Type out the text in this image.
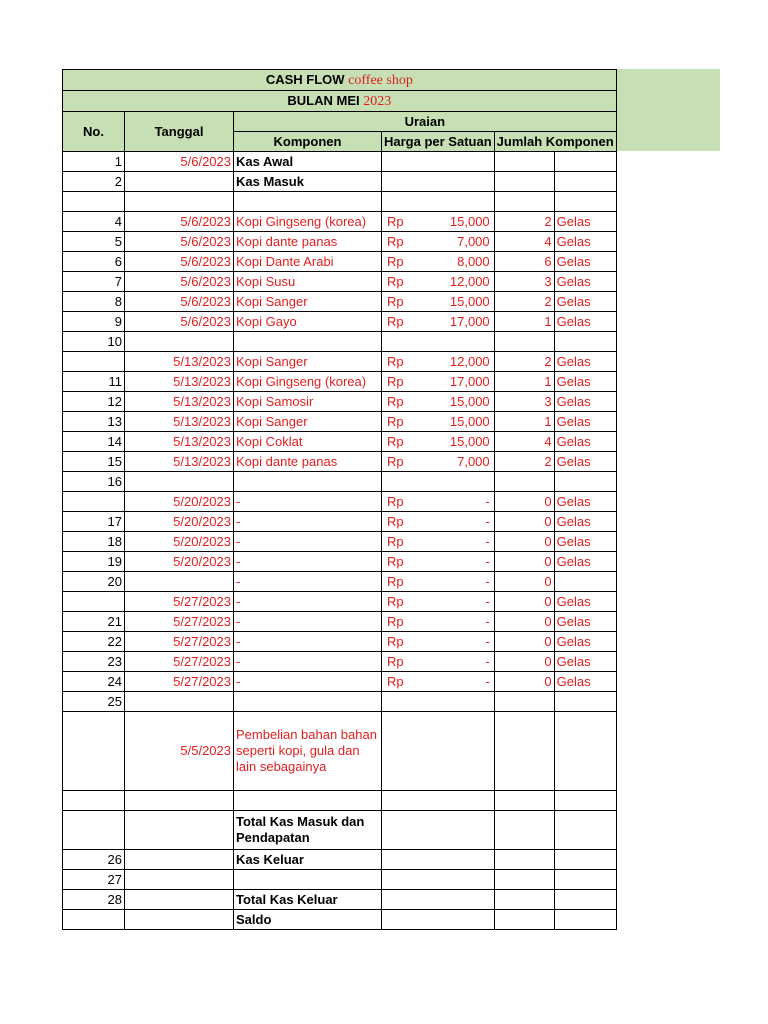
CASH FLOW coffee shop					
BULAN MEI 2023					
No.	Tanggal	Uraian			
		Komponen	Harga per Satuan	Jumlah Komponen	
1	5/6/2023	Kas Awal	

2		Kas Masuk	

4	5/6/2023	Kopi Gingseng (korea)	Rp 15,000	2	Gelas
5	5/6/2023	Kopi dante panas	Rp 7,000	4	Gelas
6	5/6/2023	Kopi Dante Arabi	Rp 8,000	6	Gelas
7	5/6/2023	Kopi Susu	Rp 12,000	3	Gelas
8	5/6/2023	Kopi Sanger	Rp 15,000	2	Gelas
9	5/6/2023	Kopi Gayo	Rp 17,000	1	Gelas
10			

	5/13/2023	Kopi Sanger	Rp 12,000	2	Gelas
11	5/13/2023	Kopi Gingseng (korea)	Rp 17,000	1	Gelas
12	5/13/2023	Kopi Samosir	Rp 15,000	3	Gelas
13	5/13/2023	Kopi Sanger	Rp 15,000	1	Gelas
14	5/13/2023	Kopi Coklat	Rp 15,000	4	Gelas
15	5/13/2023	Kopi dante panas	Rp 7,000	2	Gelas
16			

	5/20/2023	-	Rp -	0	Gelas
17	5/20/2023	-	Rp -	0	Gelas
18	5/20/2023	-	Rp -	0	Gelas
19	5/20/2023	-	Rp -	0	Gelas
20		-	Rp -	0	
	5/27/2023	-	Rp -	0	Gelas
21	5/27/2023	-	Rp -	0	Gelas
22	5/27/2023	-	Rp -	0	Gelas
23	5/27/2023	-	Rp -	0	Gelas
24	5/27/2023	-	Rp -	0	Gelas
25			

	5/5/2023	Pembelian bahan bahan seperti kopi, gula dan lain sebagainya			

		Total Kas Masuk dan Pendapatan			
26		Kas Keluar			
27					
28		Total Kas Keluar			
		Saldo			
